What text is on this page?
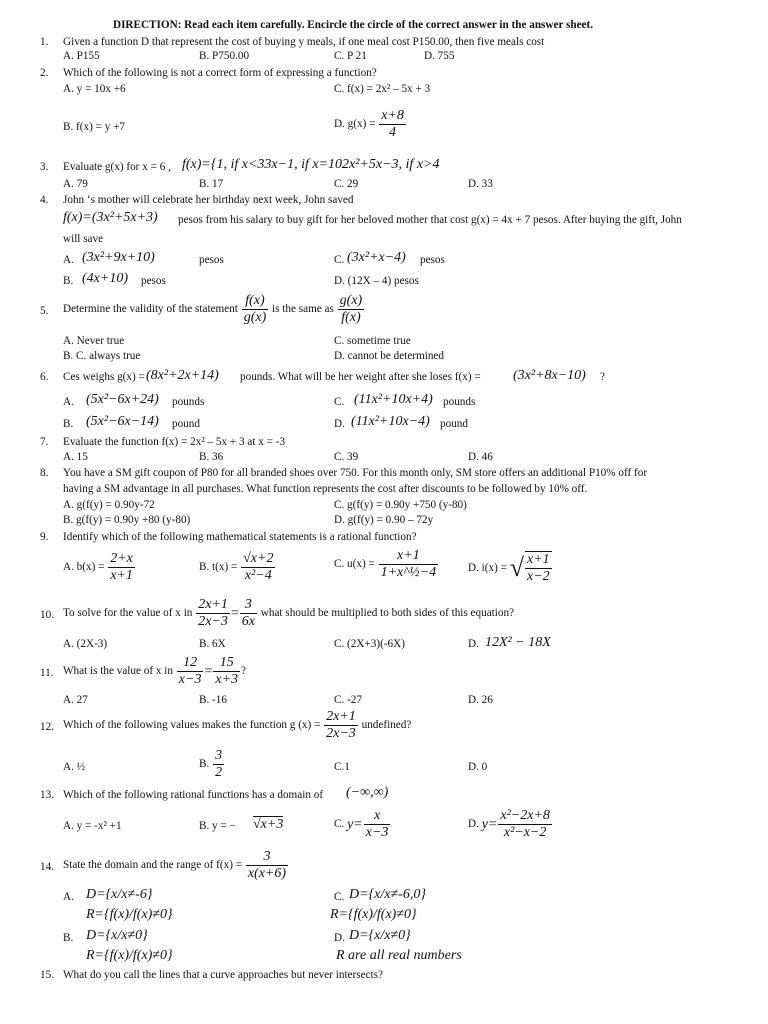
DIRECTION: Read each item carefully. Encircle the circle of the correct answer in the answer sheet.
1. Given a function D that represent the cost of buying y meals, if one meal cost P150.00, then five meals cost
A. P155	B. P750.00	C. P 21	D. 755
2. Which of the following is not a correct form of expressing a function?
A. y = 10x +6	C. f(x) = 2x² – 5x + 3
B. f(x) = y +7	D. $g(x) = \frac{x+8}{4}$
3. Evaluate g(x) for x = 6 , f(x)={1, if x<33x−1, if x=102x²+5x−3, if x>4
A. 79	B. 17	C. 29	D. 33
4. John ‘s mother will celebrate her birthday next week, John saved
f(x)=(3x²+5x+3) pesos from his salary to buy gift for her beloved mother that cost g(x) = 4x + 7 pesos. After buying the gift, John
will save
A. (3x²+9x+10)	pesos	C. (3x²+x−4) pesos
B. (4x+10) pesos	D. (12X – 4) pesos
5. Determine the validity of the statement $\frac{f(x)}{g(x)}$ is the same as $\frac{g(x)}{f(x)}$
A. Never true	C. sometime true
B. C. always true	D. cannot be determined
6. Ces weighs g(x) = (8x²+2x+14) pounds. What will be her weight after she loses f(x) = (3x²+8x−10) ?
A. (5x²−6x+24) pounds	C. (11x²+10x+4) pounds
B. (5x²−6x−14) pound	D. (11x²+10x−4) pound
7. Evaluate the function f(x) = 2x² – 5x + 3 at x = -3
A. 15	B. 36	C. 39	D. 46
8. You have a SM gift coupon of P80 for all branded shoes over 750. For this month only, SM store offers an additional P10% off for
having a SM advantage in all purchases. What function represents the cost after discounts to be followed by 10% off.
A. g(f(y) = 0.90y-72	C. g(f(y) = 0.90y +750 (y-80)
B. g(f(y) = 0.90y +80 (y-80)	D. g(f(y) = 0.90 – 72y
9. Identify which of the following mathematical statements is a rational function?
A. $b(x) = \frac{2+x}{x+1}$	B. $t(x) = \frac{√x+2}{\text{x²−4}}$	C. $u(x) = \frac{x+1}{\text{1+x\textasciicircum{}½−4}}$	D. i(x) = √ $\frac{x+1}{x-2}$
10. To solve for the value of x in $\frac{2x+1}{2x-3} = \frac{3}{6x}$ what should be multiplied to both sides of this equation?
A. (2X-3)	B. 6X	C. (2X+3)(-6X)	D. 12X² − 18X
11. What is the value of x in $\frac{12}{x-3} = \frac{15}{x+3}$ ?
A. 27	B. -16	C. -27	D. 26
12. Which of the following values makes the function g $(x) = \frac{2x+1}{2x-3}$ undefined?
A. ½	B. $\frac{3}{2}$	C.1	D. 0
13. Which of the following rational functions has a domain of (−∞,∞)
A. y = -x² +1	B. y = − √x+3	C. $y= \frac{x}{x-3}$	D. $y= \frac{\text{x²−2x+8}}{\text{x²−x−2}}$
14. State the domain and the range of $f(x) = \frac{3}{x(x+6)}$
A. D={x/x≠-6}	C. D={x/x≠-6,0}
R={f(x)/f(x)≠0}	R={f(x)/f(x)≠0}
B. D={x/x≠0}	D. D={x/x≠0}
R={f(x)/f(x)≠0}	R are all real numbers
15. What do you call the lines that a curve approaches but never intersects?
